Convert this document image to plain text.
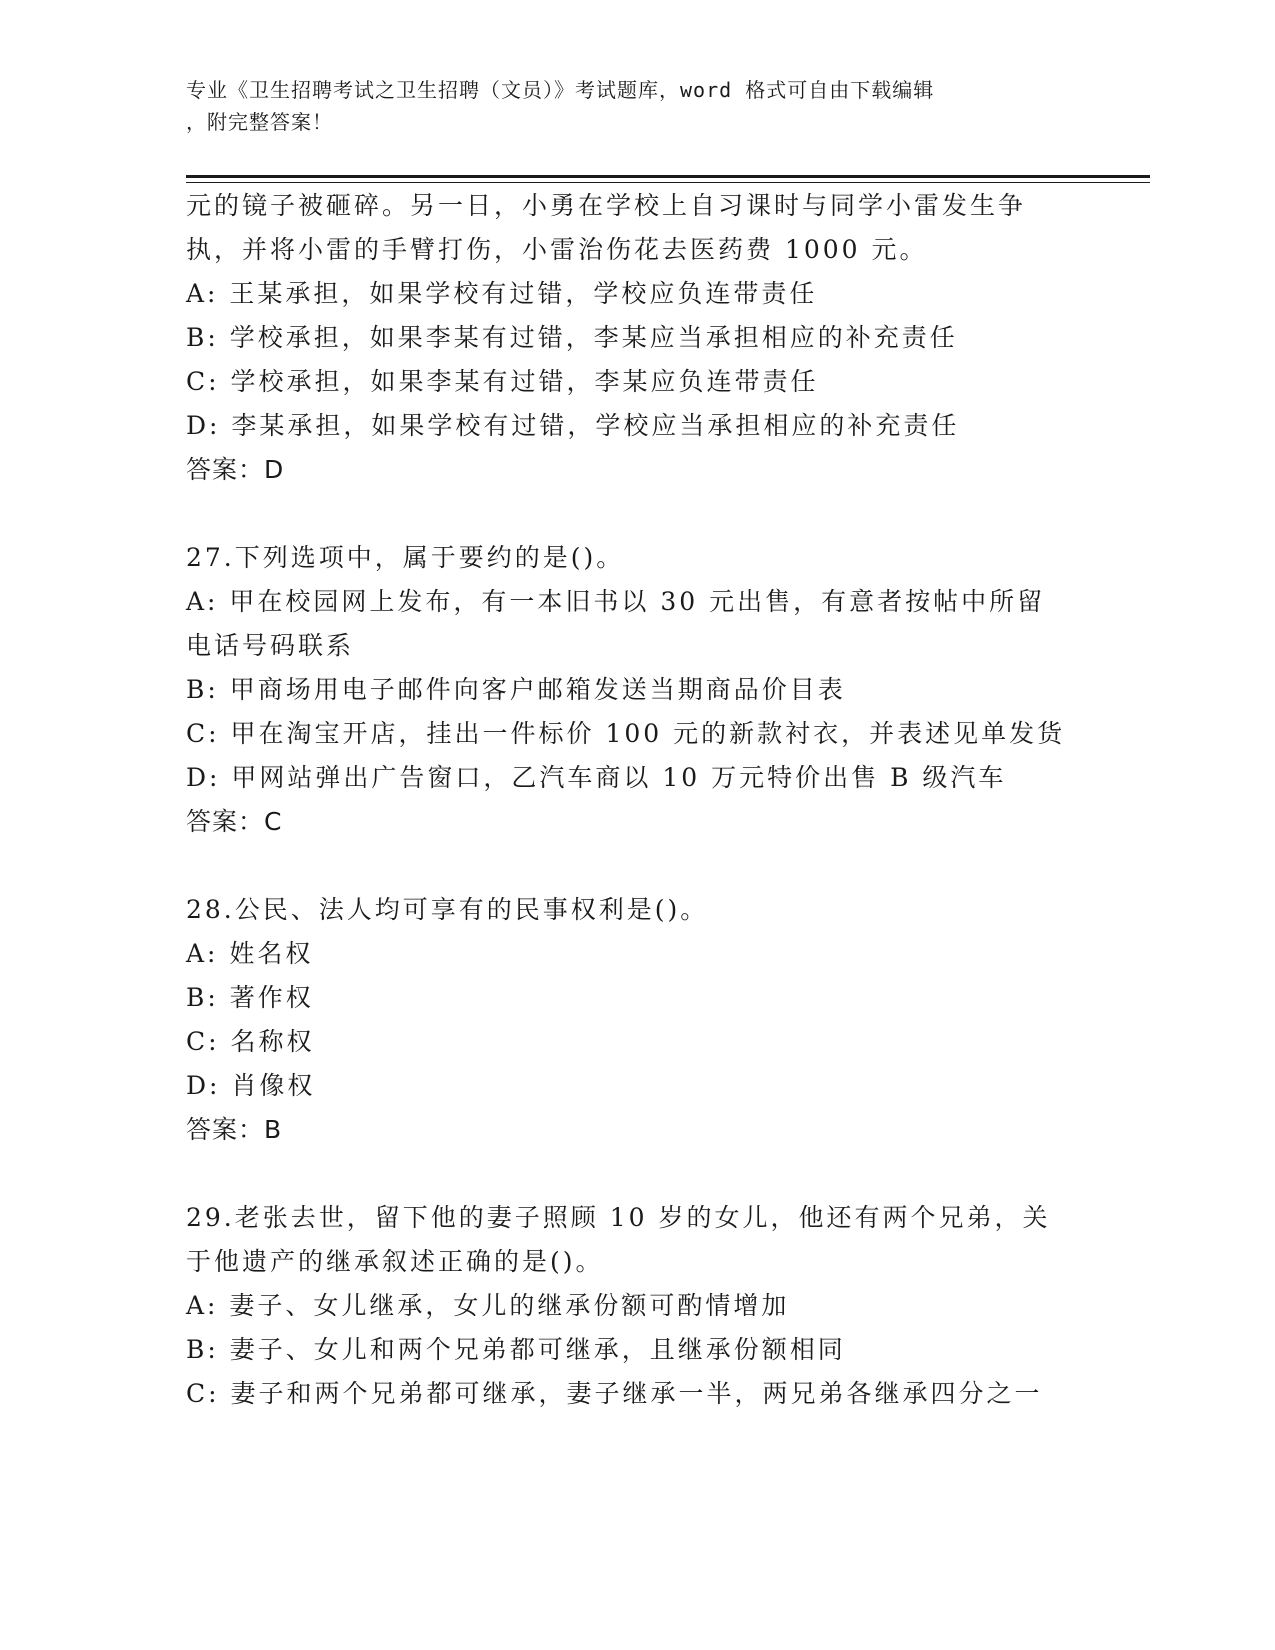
专业《卫生招聘考试之卫生招聘（文员）》考试题库，word 格式可自由下载编辑
，附完整答案！
元的镜子被砸碎。另一日，小勇在学校上自习课时与同学小雷发生争
执，并将小雷的手臂打伤，小雷治伤花去医药费 1000 元。
A: 王某承担，如果学校有过错，学校应负连带责任
B: 学校承担，如果李某有过错，李某应当承担相应的补充责任
C: 学校承担，如果李某有过错，李某应负连带责任
D: 李某承担，如果学校有过错，学校应当承担相应的补充责任
答案：D
27.下列选项中，属于要约的是()。
A: 甲在校园网上发布，有一本旧书以 30 元出售，有意者按帖中所留
电话号码联系
B: 甲商场用电子邮件向客户邮箱发送当期商品价目表
C: 甲在淘宝开店，挂出一件标价 100 元的新款衬衣，并表述见单发货
D: 甲网站弹出广告窗口，乙汽车商以 10 万元特价出售 B 级汽车
答案：C
28.公民、法人均可享有的民事权利是()。
A: 姓名权
B: 著作权
C: 名称权
D: 肖像权
答案：B
29.老张去世，留下他的妻子照顾 10 岁的女儿，他还有两个兄弟，关
于他遗产的继承叙述正确的是()。
A: 妻子、女儿继承，女儿的继承份额可酌情增加
B: 妻子、女儿和两个兄弟都可继承，且继承份额相同
C: 妻子和两个兄弟都可继承，妻子继承一半，两兄弟各继承四分之一
